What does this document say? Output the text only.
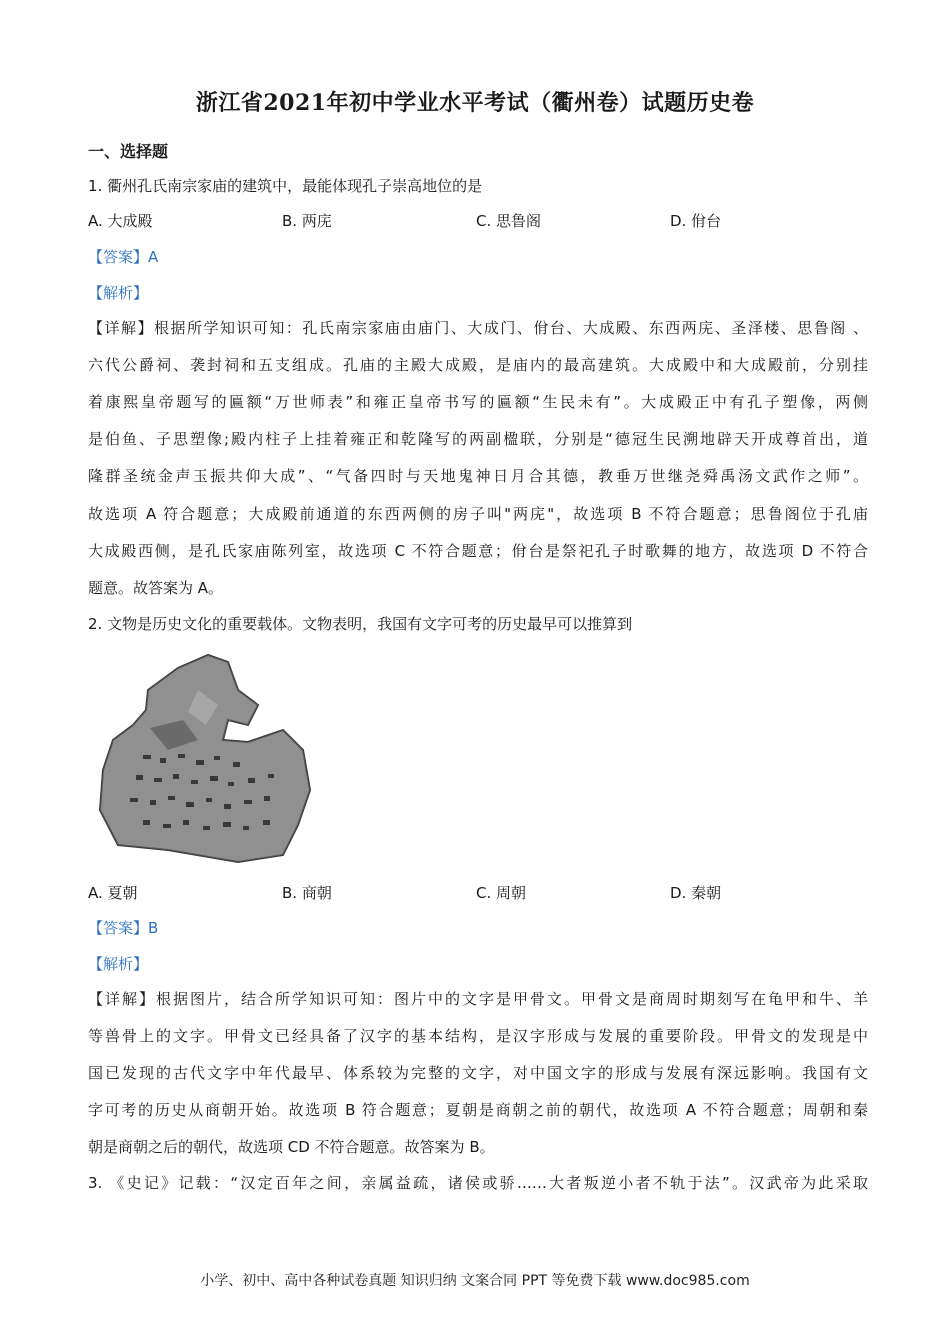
浙江省2021年初中学业水平考试（衢州卷）试题历史卷
一、选择题
1. 衢州孔氏南宗家庙的建筑中，最能体现孔子崇高地位的是
A. 大成殿	B. 两庑	C. 思鲁阁	D. 佾台
【答案】A
【解析】
【详解】根据所学知识可知：孔氏南宗家庙由庙门、大成门、佾台、大成殿、东西两庑、圣泽楼、思鲁阁 、
六代公爵祠、袭封祠和五支组成。孔庙的主殿大成殿，是庙内的最高建筑。大成殿中和大成殿前，分别挂
着康熙皇帝题写的匾额“万世师表”和雍正皇帝书写的匾额“生民未有”。大成殿正中有孔子塑像，两侧
是伯鱼、子思塑像;殿内柱子上挂着雍正和乾隆写的两副楹联，分别是“德冠生民溯地辟天开成尊首出，道
隆群圣统金声玉振共仰大成”、“气备四时与天地鬼神日月合其德，教垂万世继尧舜禹汤文武作之师”。
故选项 A 符合题意；大成殿前通道的东西两侧的房子叫"两庑"，故选项 B 不符合题意；思鲁阁位于孔庙
大成殿西侧，是孔氏家庙陈列室，故选项 C 不符合题意；佾台是祭祀孔子时歌舞的地方，故选项 D 不符合
题意。故答案为 A。
2. 文物是历史文化的重要载体。文物表明，我国有文字可考的历史最早可以推算到
A. 夏朝	B. 商朝	C. 周朝	D. 秦朝
【答案】B
【解析】
【详解】根据图片，结合所学知识可知：图片中的文字是甲骨文。甲骨文是商周时期刻写在龟甲和牛、羊
等兽骨上的文字。甲骨文已经具备了汉字的基本结构，是汉字形成与发展的重要阶段。甲骨文的发现是中
国已发现的古代文字中年代最早、体系较为完整的文字，对中国文字的形成与发展有深远影响。我国有文
字可考的历史从商朝开始。故选项 B 符合题意；夏朝是商朝之前的朝代，故选项 A 不符合题意；周朝和秦
朝是商朝之后的朝代，故选项 CD 不符合题意。故答案为 B。
3. 《史记》记载：“汉定百年之间，亲属益疏，诸侯或骄……大者叛逆小者不轨于法”。汉武帝为此采取
小学、初中、高中各种试卷真题 知识归纳 文案合同 PPT 等免费下载 www.doc985.com
